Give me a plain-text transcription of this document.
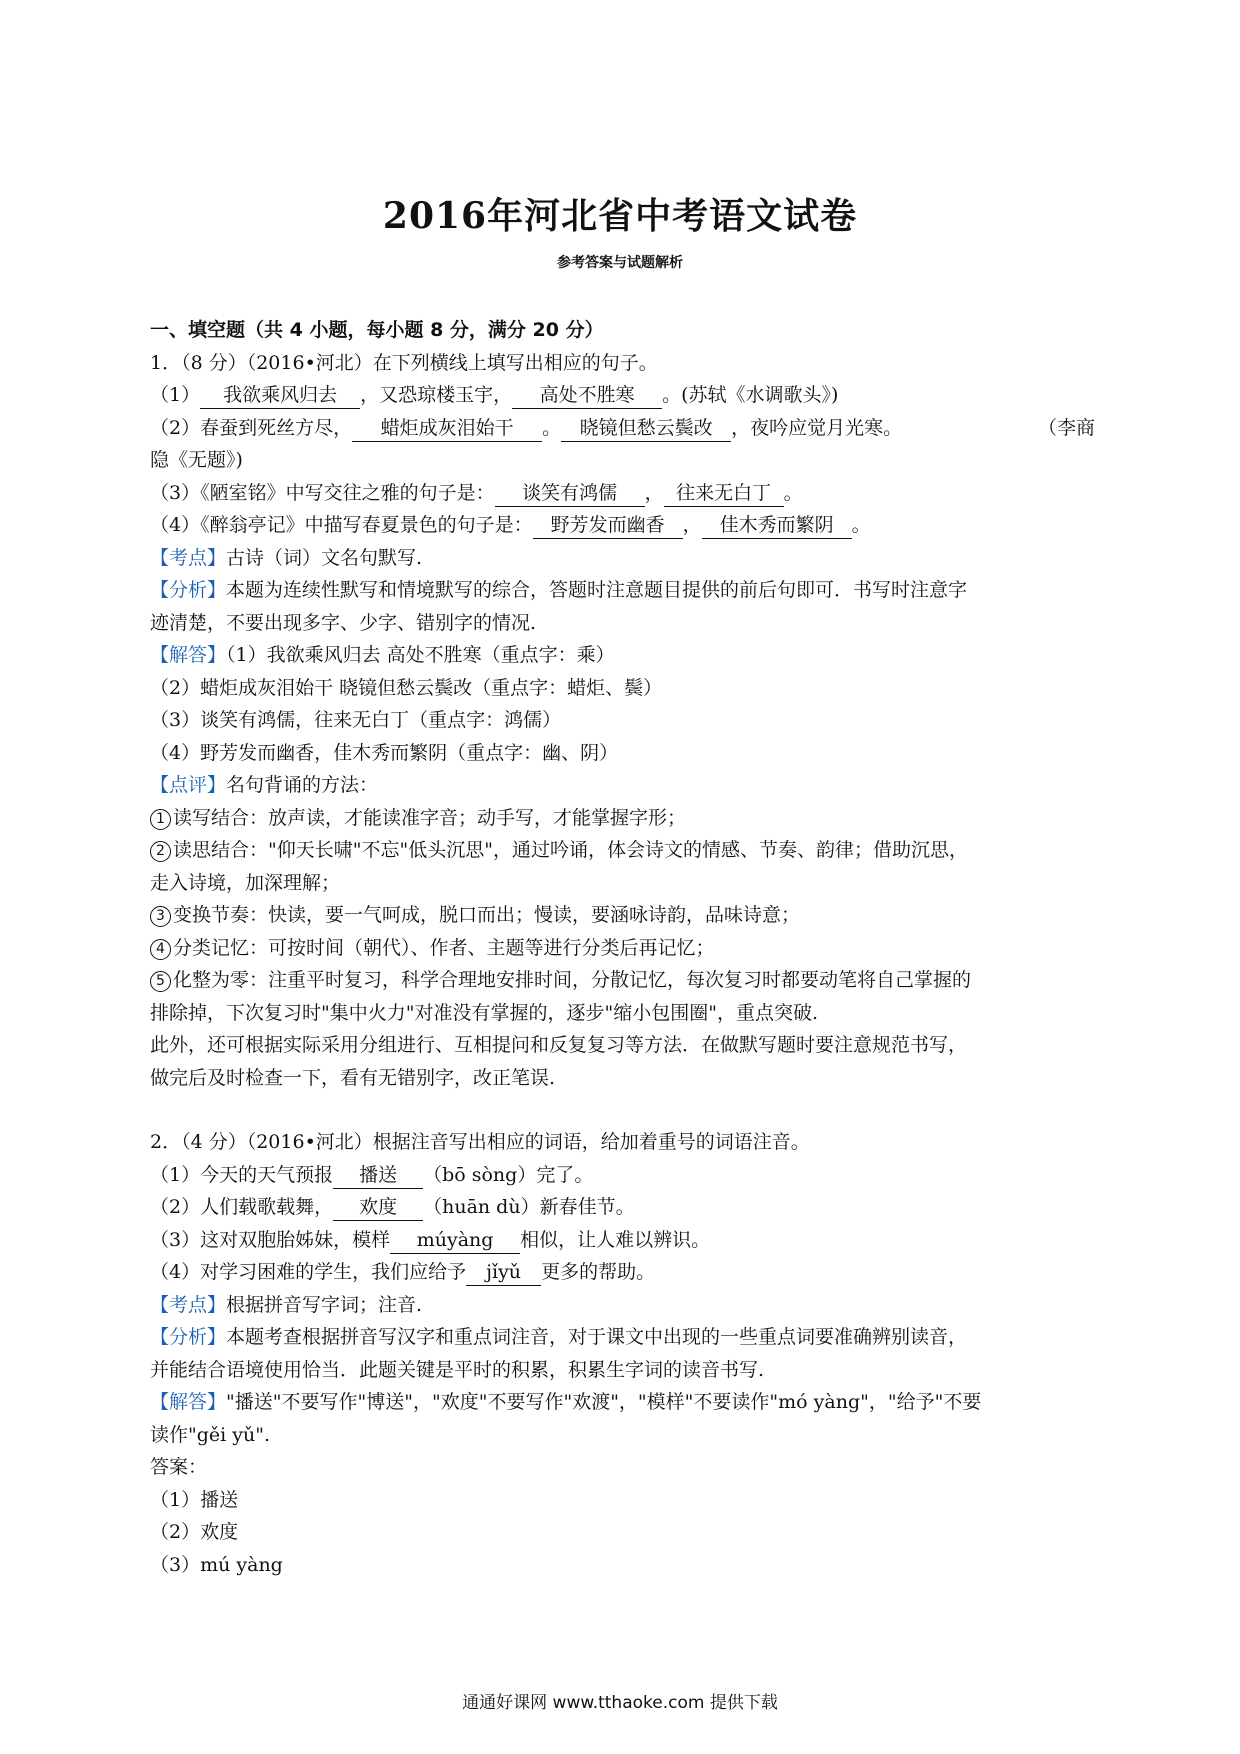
2016年河北省中考语文试卷
参考答案与试题解析
一、填空题（共 4 小题，每小题 8 分，满分 20 分）
1．（8 分）（2016•河北）在下列横线上填写出相应的句子。
（1） 我欲乘风归去 ，又恐琼楼玉宇， 高处不胜寒 。(苏轼《水调歌头》)
（2）春蚕到死丝方尽， 蜡炬成灰泪始干 。 晓镜但愁云鬓改 ，夜吟应觉月光寒。	（李商
隐《无题》)
（3）《陋室铭》中写交往之雅的句子是： 谈笑有鸿儒 ， 往来无白丁 。
（4）《醉翁亭记》中描写春夏景色的句子是： 野芳发而幽香 ， 佳木秀而繁阴 。
【考点】古诗（词）文名句默写.
【分析】本题为连续性默写和情境默写的综合，答题时注意题目提供的前后句即可．书写时注意字
迹清楚，不要出现多字、少字、错别字的情况.
【解答】（1）我欲乘风归去 高处不胜寒（重点字：乘）
（2）蜡炬成灰泪始干 晓镜但愁云鬓改（重点字：蜡炬、鬓）
（3）谈笑有鸿儒，往来无白丁（重点字：鸿儒）
（4）野芳发而幽香，佳木秀而繁阴（重点字：幽、阴）
【点评】名句背诵的方法：
1 读写结合：放声读，才能读准字音；动手写，才能掌握字形；
2 读思结合："仰天长啸"不忘"低头沉思"，通过吟诵，体会诗文的情感、节奏、韵律；借助沉思，
走入诗境，加深理解；
3 变换节奏：快读，要一气呵成，脱口而出；慢读，要涵咏诗韵，品味诗意；
4 分类记忆：可按时间（朝代）、作者、主题等进行分类后再记忆；
5 化整为零：注重平时复习，科学合理地安排时间，分散记忆，每次复习时都要动笔将自己掌握的
排除掉，下次复习时"集中火力"对准没有掌握的，逐步"缩小包围圈"，重点突破.
此外，还可根据实际采用分组进行、互相提问和反复复习等方法．在做默写题时要注意规范书写，
做完后及时检查一下，看有无错别字，改正笔误.
2．（4 分）（2016•河北）根据注音写出相应的词语，给加着重号的词语注音。
（1）今天的天气预报 播送 （bō sòng）完了。
（2）人们载歌载舞， 欢度 （huān dù）新春佳节。
（3）这对双胞胎姊妹，模样 múyàng 相似，让人难以辨识。
（4）对学习困难的学生，我们应给予 jǐyǔ 更多的帮助。
【考点】根据拼音写字词；注音.
【分析】本题考查根据拼音写汉字和重点词注音，对于课文中出现的一些重点词要准确辨别读音，
并能结合语境使用恰当．此题关键是平时的积累，积累生字词的读音书写.
【解答】"播送"不要写作"博送"，"欢度"不要写作"欢渡"，"模样"不要读作"mó yàng"，"给予"不要
读作"gěi yǔ".
答案：
（1）播送
（2）欢度
（3）mú yàng
通通好课网 www.tthaoke.com 提供下载
